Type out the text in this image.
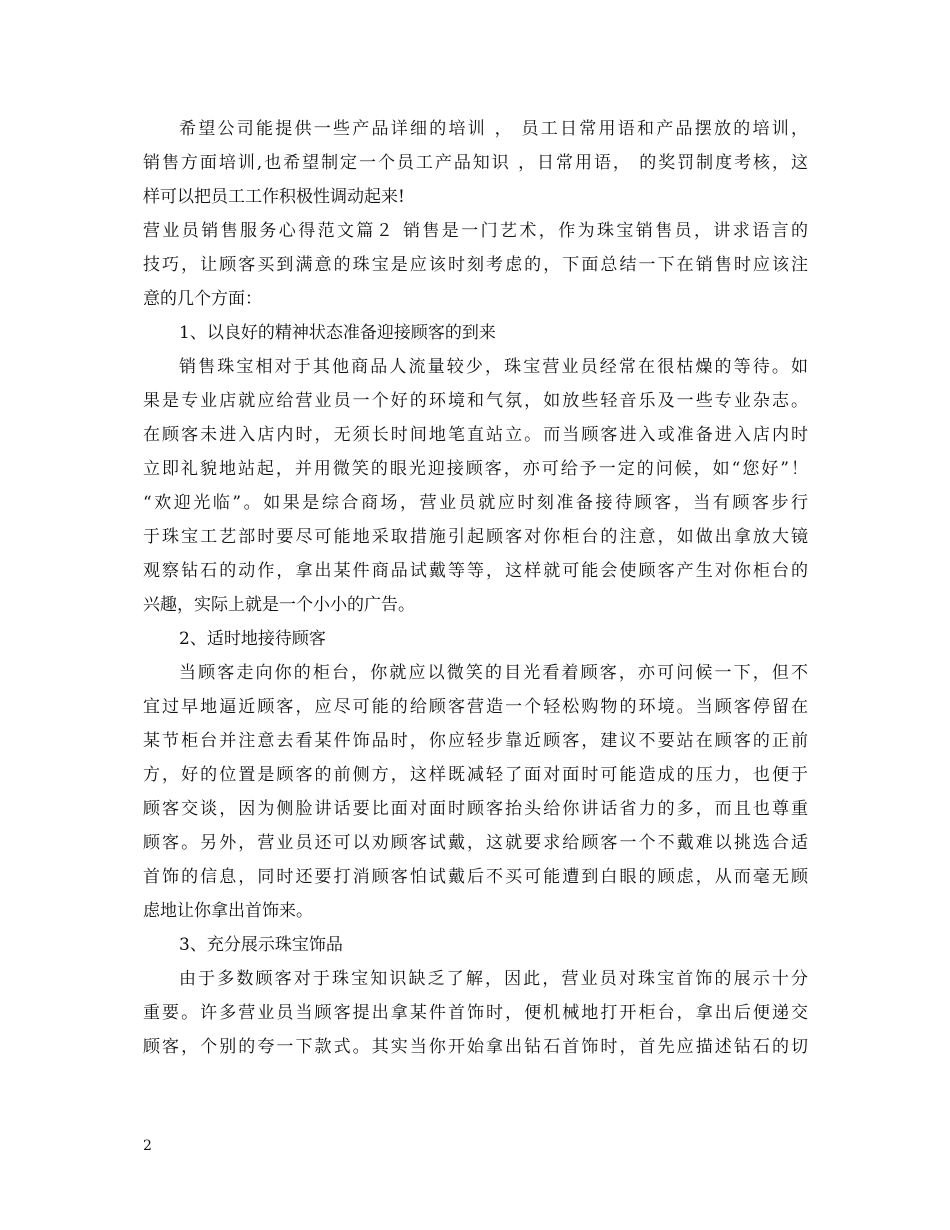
希望公司能提供一些产品详细的培训 ， 员工日常用语和产品摆放的培训，
销售方面培训,也希望制定一个员工产品知识 ，日常用语， 的奖罚制度考核，这
样可以把员工工作积极性调动起来!
营业员销售服务心得范文篇２ 销售是一门艺术，作为珠宝销售员，讲求语言的
技巧，让顾客买到满意的珠宝是应该时刻考虑的，下面总结一下在销售时应该注
意的几个方面：
1、以良好的精神状态准备迎接顾客的到来
销售珠宝相对于其他商品人流量较少，珠宝营业员经常在很枯燥的等待。如
果是专业店就应给营业员一个好的环境和气氛，如放些轻音乐及一些专业杂志。
在顾客未进入店内时，无须长时间地笔直站立。而当顾客进入或准备进入店内时
立即礼貌地站起，并用微笑的眼光迎接顾客，亦可给予一定的问候，如“您好”！
“欢迎光临”。如果是综合商场，营业员就应时刻准备接待顾客，当有顾客步行
于珠宝工艺部时要尽可能地采取措施引起顾客对你柜台的注意，如做出拿放大镜
观察钻石的动作，拿出某件商品试戴等等，这样就可能会使顾客产生对你柜台的
兴趣，实际上就是一个小小的广告。
2、适时地接待顾客
当顾客走向你的柜台，你就应以微笑的目光看着顾客，亦可问候一下，但不
宜过早地逼近顾客，应尽可能的给顾客营造一个轻松购物的环境。当顾客停留在
某节柜台并注意去看某件饰品时，你应轻步靠近顾客，建议不要站在顾客的正前
方，好的位置是顾客的前侧方，这样既减轻了面对面时可能造成的压力，也便于
顾客交谈，因为侧脸讲话要比面对面时顾客抬头给你讲话省力的多，而且也尊重
顾客。另外，营业员还可以劝顾客试戴，这就要求给顾客一个不戴难以挑选合适
首饰的信息，同时还要打消顾客怕试戴后不买可能遭到白眼的顾虑，从而毫无顾
虑地让你拿出首饰来。
3、充分展示珠宝饰品
由于多数顾客对于珠宝知识缺乏了解，因此，营业员对珠宝首饰的展示十分
重要。许多营业员当顾客提出拿某件首饰时，便机械地打开柜台，拿出后便递交
顾客，个别的夸一下款式。其实当你开始拿出钻石首饰时，首先应描述钻石的切
2
